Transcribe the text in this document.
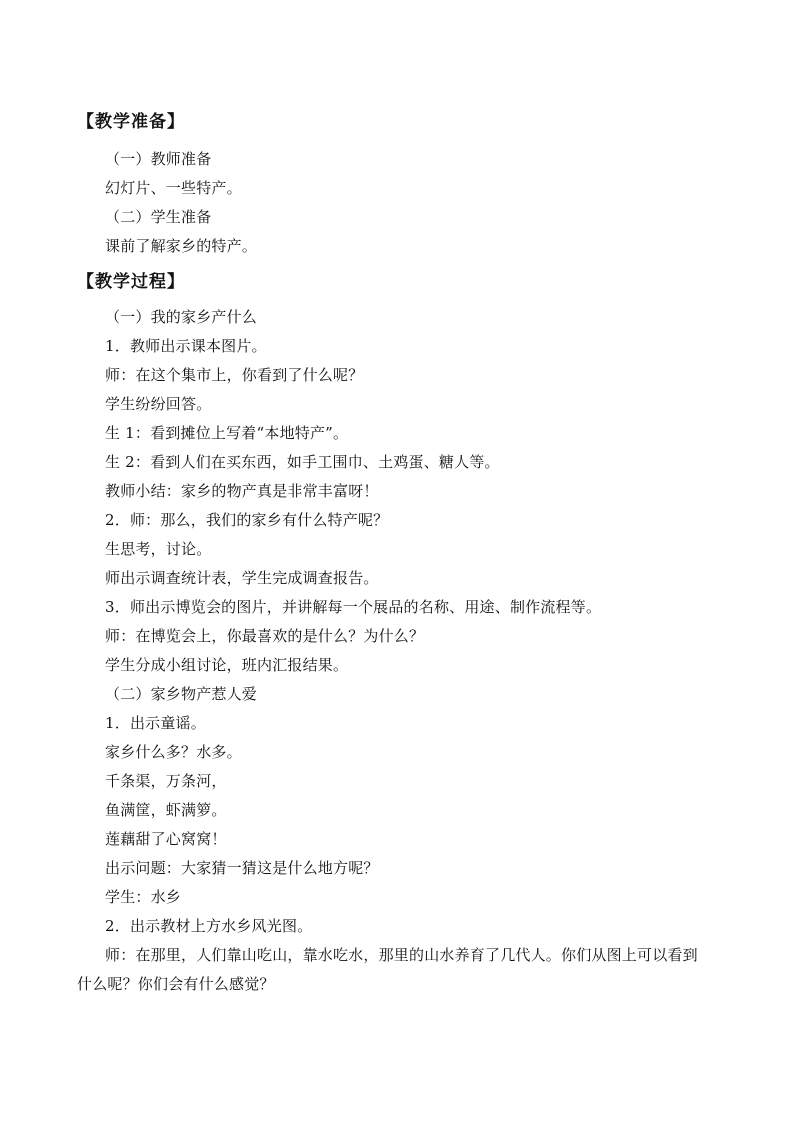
【教学准备】
（一）教师准备
幻灯片、一些特产。
（二）学生准备
课前了解家乡的特产。
【教学过程】
（一）我的家乡产什么
1．教师出示课本图片。
师：在这个集市上，你看到了什么呢？
学生纷纷回答。
生 1：看到摊位上写着“本地特产”。
生 2：看到人们在买东西，如手工围巾、土鸡蛋、糖人等。
教师小结：家乡的物产真是非常丰富呀！
2．师：那么，我们的家乡有什么特产呢？
生思考，讨论。
师出示调查统计表，学生完成调查报告。
3．师出示博览会的图片，并讲解每一个展品的名称、用途、制作流程等。
师：在博览会上，你最喜欢的是什么？为什么？
学生分成小组讨论，班内汇报结果。
（二）家乡物产惹人爱
1．出示童谣。
家乡什么多？水多。
千条渠，万条河，
鱼满筐，虾满箩。
莲藕甜了心窝窝！
出示问题：大家猜一猜这是什么地方呢？
学生：水乡
2．出示教材上方水乡风光图。
师：在那里，人们靠山吃山，靠水吃水，那里的山水养育了几代人。你们从图上可以看到
什么呢？你们会有什么感觉？
